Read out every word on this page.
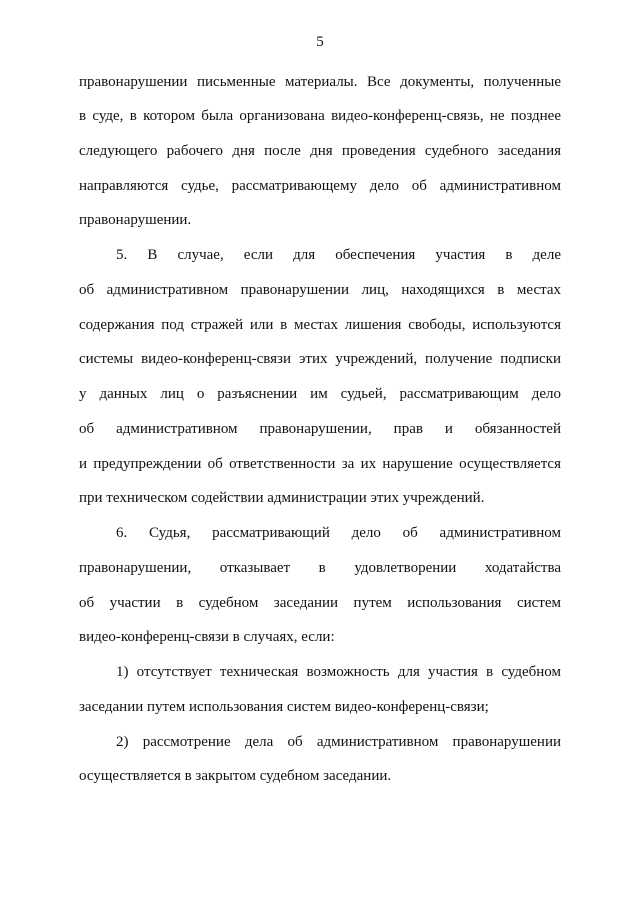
5
правонарушении письменные материалы. Все документы, полученные
в суде, в котором была организована видео-конференц-связь, не позднее
следующего рабочего дня после дня проведения судебного заседания
направляются судье, рассматривающему дело об административном
правонарушении.
5. В случае, если для обеспечения участия в деле
об административном правонарушении лиц, находящихся в местах
содержания под стражей или в местах лишения свободы, используются
системы видео-конференц-связи этих учреждений, получение подписки
у данных лиц о разъяснении им судьей, рассматривающим дело
об административном правонарушении, прав и обязанностей
и предупреждении об ответственности за их нарушение осуществляется
при техническом содействии администрации этих учреждений.
6. Судья, рассматривающий дело об административном
правонарушении, отказывает в удовлетворении ходатайства
об участии в судебном заседании путем использования систем
видео-конференц-связи в случаях, если:
1) отсутствует техническая возможность для участия в судебном
заседании путем использования систем видео-конференц-связи;
2) рассмотрение дела об административном правонарушении
осуществляется в закрытом судебном заседании.
